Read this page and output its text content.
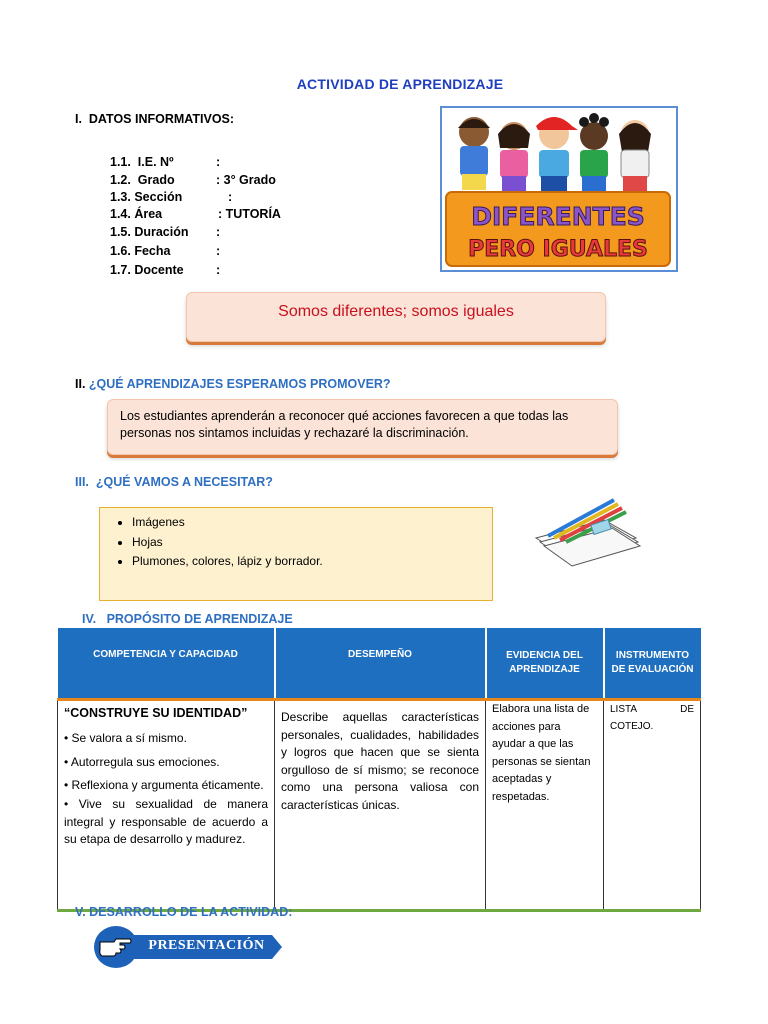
ACTIVIDAD DE APRENDIZAJE
I. DATOS INFORMATIVOS:
1.1.  I.E. Nº	:
1.2.  Grado	: 3° Grado
1.3. Sección	:
1.4. Área	: TUTORÍA
1.5. Duración :
1.6. Fecha	:
1.7. Docente	:
DIFERENTES
PERO IGUALES
Somos diferentes; somos iguales
II. ¿QUÉ APRENDIZAJES ESPERAMOS PROMOVER?
Los estudiantes aprenderán a reconocer qué acciones favorecen a que todas las personas nos sintamos incluidas y rechazaré la discriminación.
III. ¿QUÉ VAMOS A NECESITAR?
• Imágenes
• Hojas
• Plumones, colores, lápiz y borrador.
IV. PROPÓSITO DE APRENDIZAJE
COMPETENCIA Y CAPACIDAD	DESEMPEÑO	EVIDENCIA DEL APRENDIZAJE	INSTRUMENTO DE EVALUACIÓN

“CONSTRUYE SU IDENTIDAD”
• Se valora a sí mismo.
• Autorregula sus emociones.
• Reflexiona y argumenta éticamente.
• Vive su sexualidad de manera integral y responsable de acuerdo a su etapa de desarrollo y madurez.	Describe aquellas características personales, cualidades, habilidades y logros que hacen que se sienta orgulloso de sí mismo; se reconoce como una persona valiosa con características únicas.	Elabora una lista de acciones para ayudar a que las personas se sientan aceptadas y respetadas.	LISTA DE COTEJO.
V. DESARROLLO DE LA ACTIVIDAD:
PRESENTACIÓN
